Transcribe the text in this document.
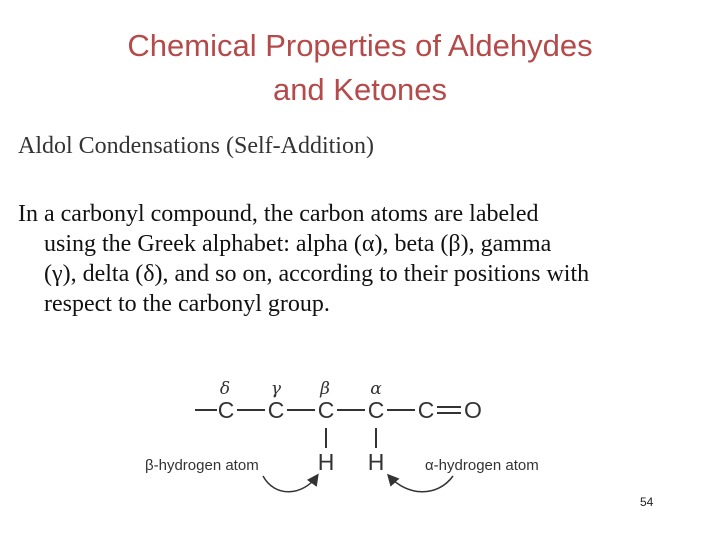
Chemical Properties of Aldehydes
and Ketones
Aldol Condensations (Self-Addition)
In a carbonyl compound, the carbon atoms are labeled
using the Greek alphabet: alpha (α), beta (β), gamma
(γ), delta (δ), and so on, according to their positions with
respect to the carbonyl group.
δ γ β α
C C C C C O
H H
β-hydrogen atom	α-hydrogen atom
54
